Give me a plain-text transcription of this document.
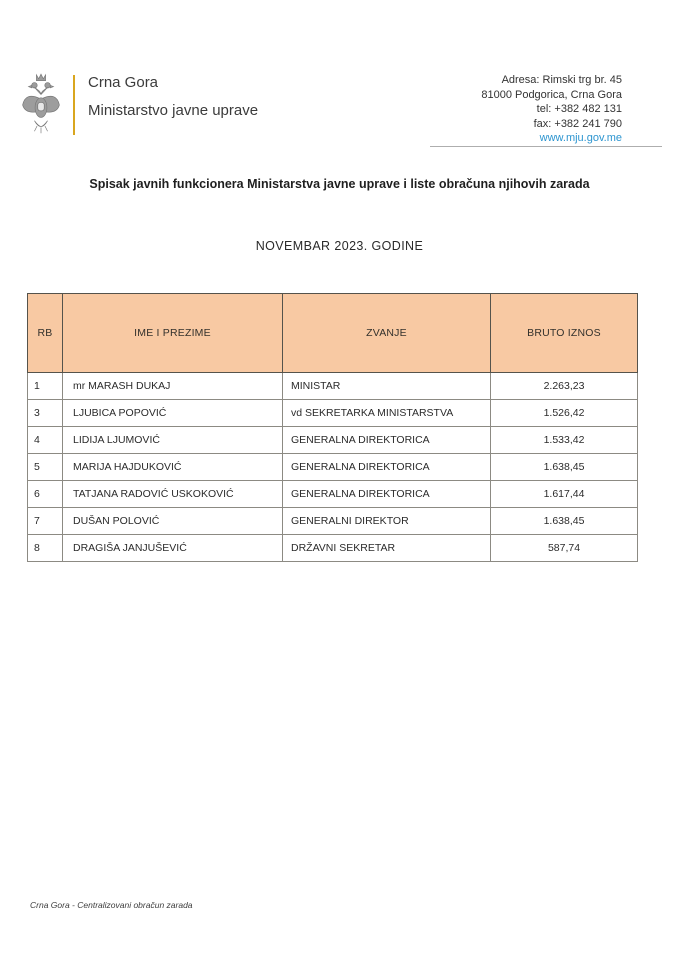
Crna Gora
Ministarstvo javne uprave
Adresa: Rimski trg br. 45
81000 Podgorica, Crna Gora
tel: +382 482 131
fax: +382 241 790
www.mju.gov.me
Spisak javnih funkcionera Ministarstva javne uprave i liste obračuna njihovih zarada
NOVEMBAR 2023. GODINE
RB	IME I PREZIME	ZVANJE	BRUTO IZNOS
1	mr MARASH DUKAJ	MINISTAR	2.263,23
3	LJUBICA POPOVIĆ	vd SEKRETARKA MINISTARSTVA	1.526,42
4	LIDIJA LJUMOVIĆ	GENERALNA DIREKTORICA	1.533,42
5	MARIJA HAJDUKOVIĆ	GENERALNA DIREKTORICA	1.638,45
6	TATJANA RADOVIĆ USKOKOVIĆ	GENERALNA DIREKTORICA	1.617,44
7	DUŠAN POLOVIĆ	GENERALNI DIREKTOR	1.638,45
8	DRAGIŠA JANJUŠEVIĆ	DRŽAVNI SEKRETAR	587,74
Crna Gora - Centralizovani obračun zarada
